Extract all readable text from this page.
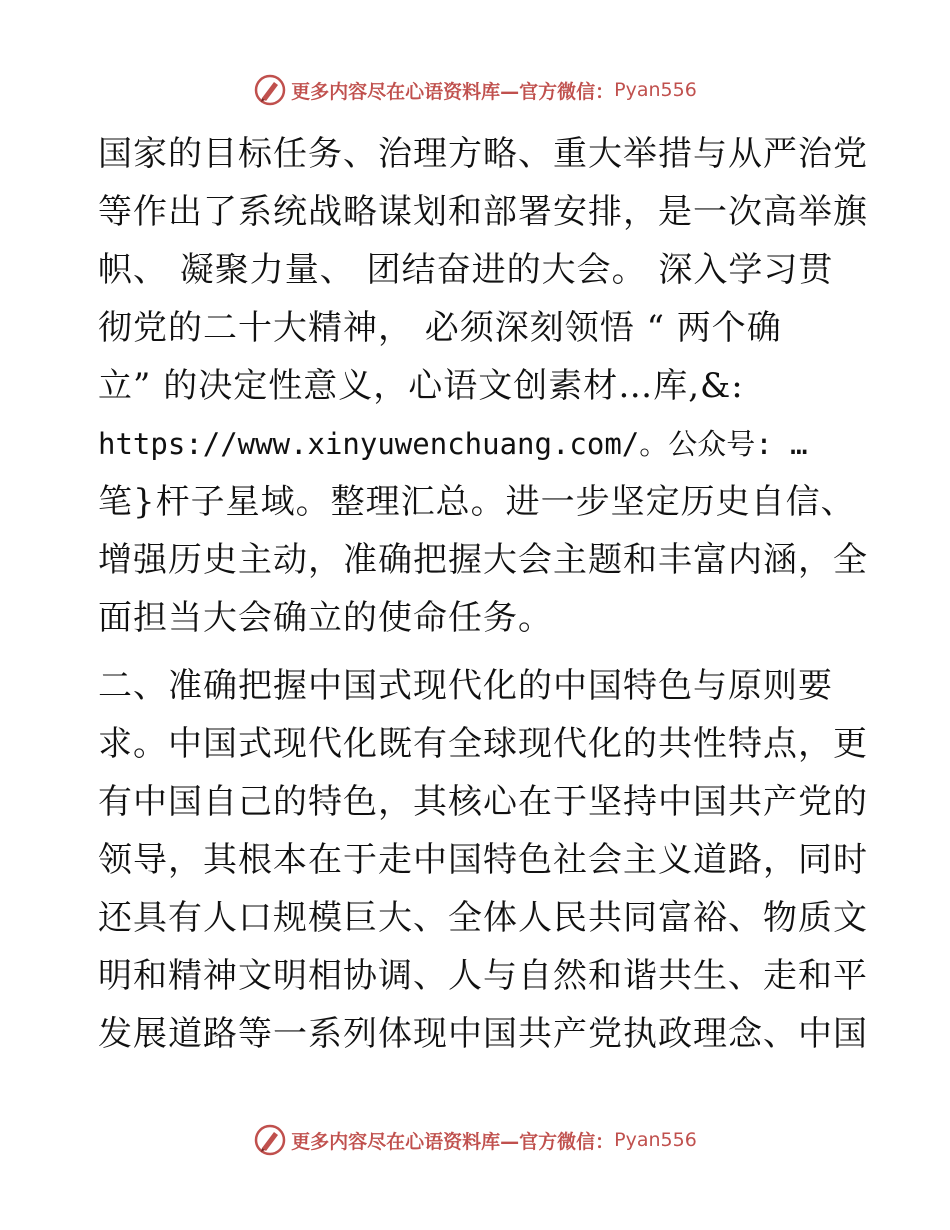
更多内容尽在心语资料库—官方微信： Pyan556
国家的目标任务、治理方略、重大举措与从严治党
等作出了系统战略谋划和部署安排，是一次高举旗
帜、 凝聚力量、 团结奋进的大会。 深入学习贯
彻党的二十大精神， 必须深刻领悟 “ 两个确
立” 的决定性意义，心语文创素材…库,&:
https://www.xinyuwenchuang.com/。公众号: …
笔}杆子星域。整理汇总。进一步坚定历史自信、
增强历史主动，准确把握大会主题和丰富内涵，全
面担当大会确立的使命任务。
二、准确把握中国式现代化的中国特色与原则要
求。中国式现代化既有全球现代化的共性特点，更
有中国自己的特色，其核心在于坚持中国共产党的
领导，其根本在于走中国特色社会主义道路，同时
还具有人口规模巨大、全体人民共同富裕、物质文
明和精神文明相协调、人与自然和谐共生、走和平
发展道路等一系列体现中国共产党执政理念、中国
更多内容尽在心语资料库—官方微信： Pyan556
